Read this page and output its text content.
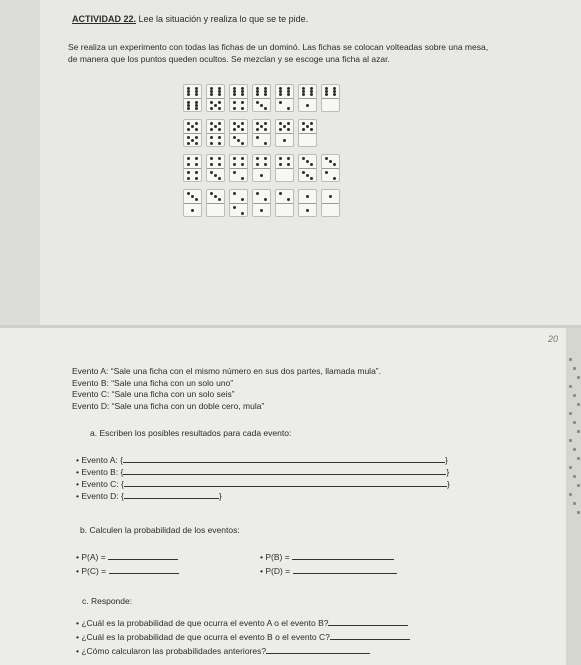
ACTIVIDAD 22. Lee la situación y realiza lo que se te pide.
Se realiza un experimento con todas las fichas de un dominó. Las fichas se colocan volteadas sobre una mesa, de manera que los puntos queden ocultos. Se mezclan y se escoge una ficha al azar.
20
Evento A: “Sale una ficha con el mismo número en sus dos partes, llamada mula”.
Evento B: “Sale una ficha con un solo uno”
Evento C: “Sale una ficha con un solo seis”
Evento D: “Sale una ficha con un doble cero, mula”
a. Escriben los posibles resultados para cada evento:
• Evento A: {	}
• Evento B: {	}
• Evento C: {	}
• Evento D: {	}
b. Calculen la probabilidad de los eventos:
• P(A) =	• P(B) =
• P(C) =	• P(D) =
c. Responde:
• ¿Cuál es la probabilidad de que ocurra el evento A o el evento B?
• ¿Cuál es la probabilidad de que ocurra el evento B o el evento C?
• ¿Cómo calcularon las probabilidades anteriores?
